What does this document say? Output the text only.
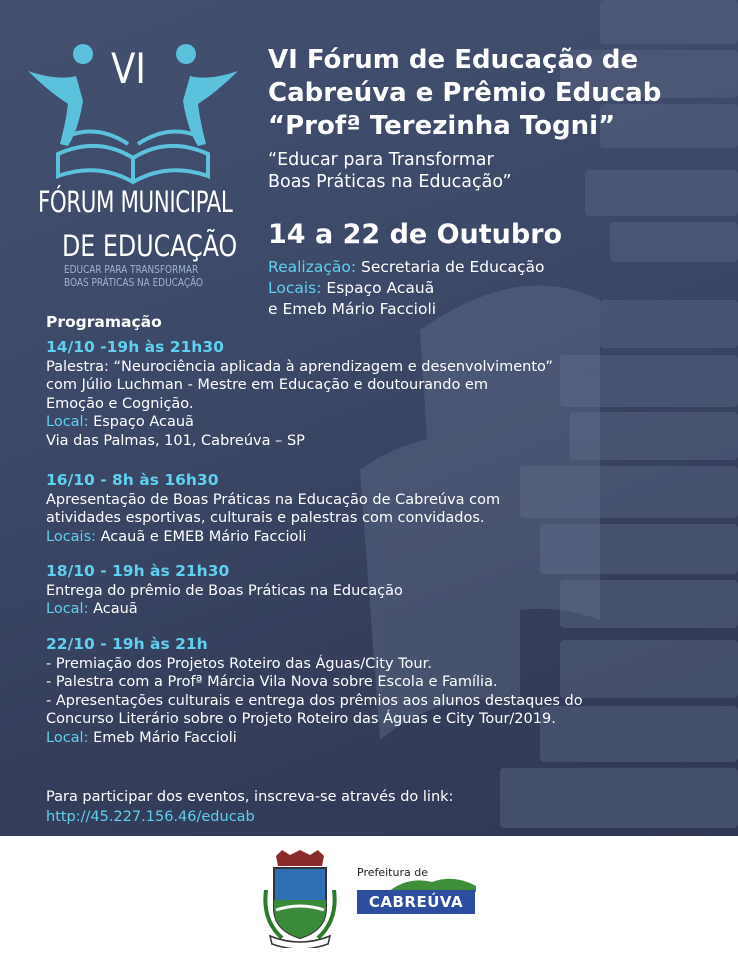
VI
FÓRUM MUNICIPAL
DE EDUCAÇÃO
EDUCAR PARA TRANSFORMAR
BOAS PRÁTICAS NA EDUCAÇÃO
VI Fórum de Educação de
Cabreúva e Prêmio Educab
“Profª Terezinha Togni”
“Educar para Transformar
Boas Práticas na Educação”
14 a 22 de Outubro
Realização: Secretaria de Educação
Locais: Espaço Acauã
e Emeb Mário Faccioli
Programação
14/10 -19h às 21h30
Palestra: “Neurociência aplicada à aprendizagem e desenvolvimento”
com Júlio Luchman - Mestre em Educação e doutourando em
Emoção e Cognição.
Local: Espaço Acauã
Via das Palmas, 101, Cabreúva – SP
16/10 - 8h às 16h30
Apresentação de Boas Práticas na Educação de Cabreúva com
atividades esportivas, culturais e palestras com convidados.
Locais: Acauã e EMEB Mário Faccioli
18/10 - 19h às 21h30
Entrega do prêmio de Boas Práticas na Educação
Local: Acauã
22/10 - 19h às 21h
- Premiação dos Projetos Roteiro das Águas/City Tour.
- Palestra com a Profª Márcia Vila Nova sobre Escola e Família.
- Apresentações culturais e entrega dos prêmios aos alunos destaques do
Concurso Literário sobre o Projeto Roteiro das Águas e City Tour/2019.
Local: Emeb Mário Faccioli
Para participar dos eventos, inscreva-se através do link:
http://45.227.156.46/educab
Prefeitura de
CABREÚVA
